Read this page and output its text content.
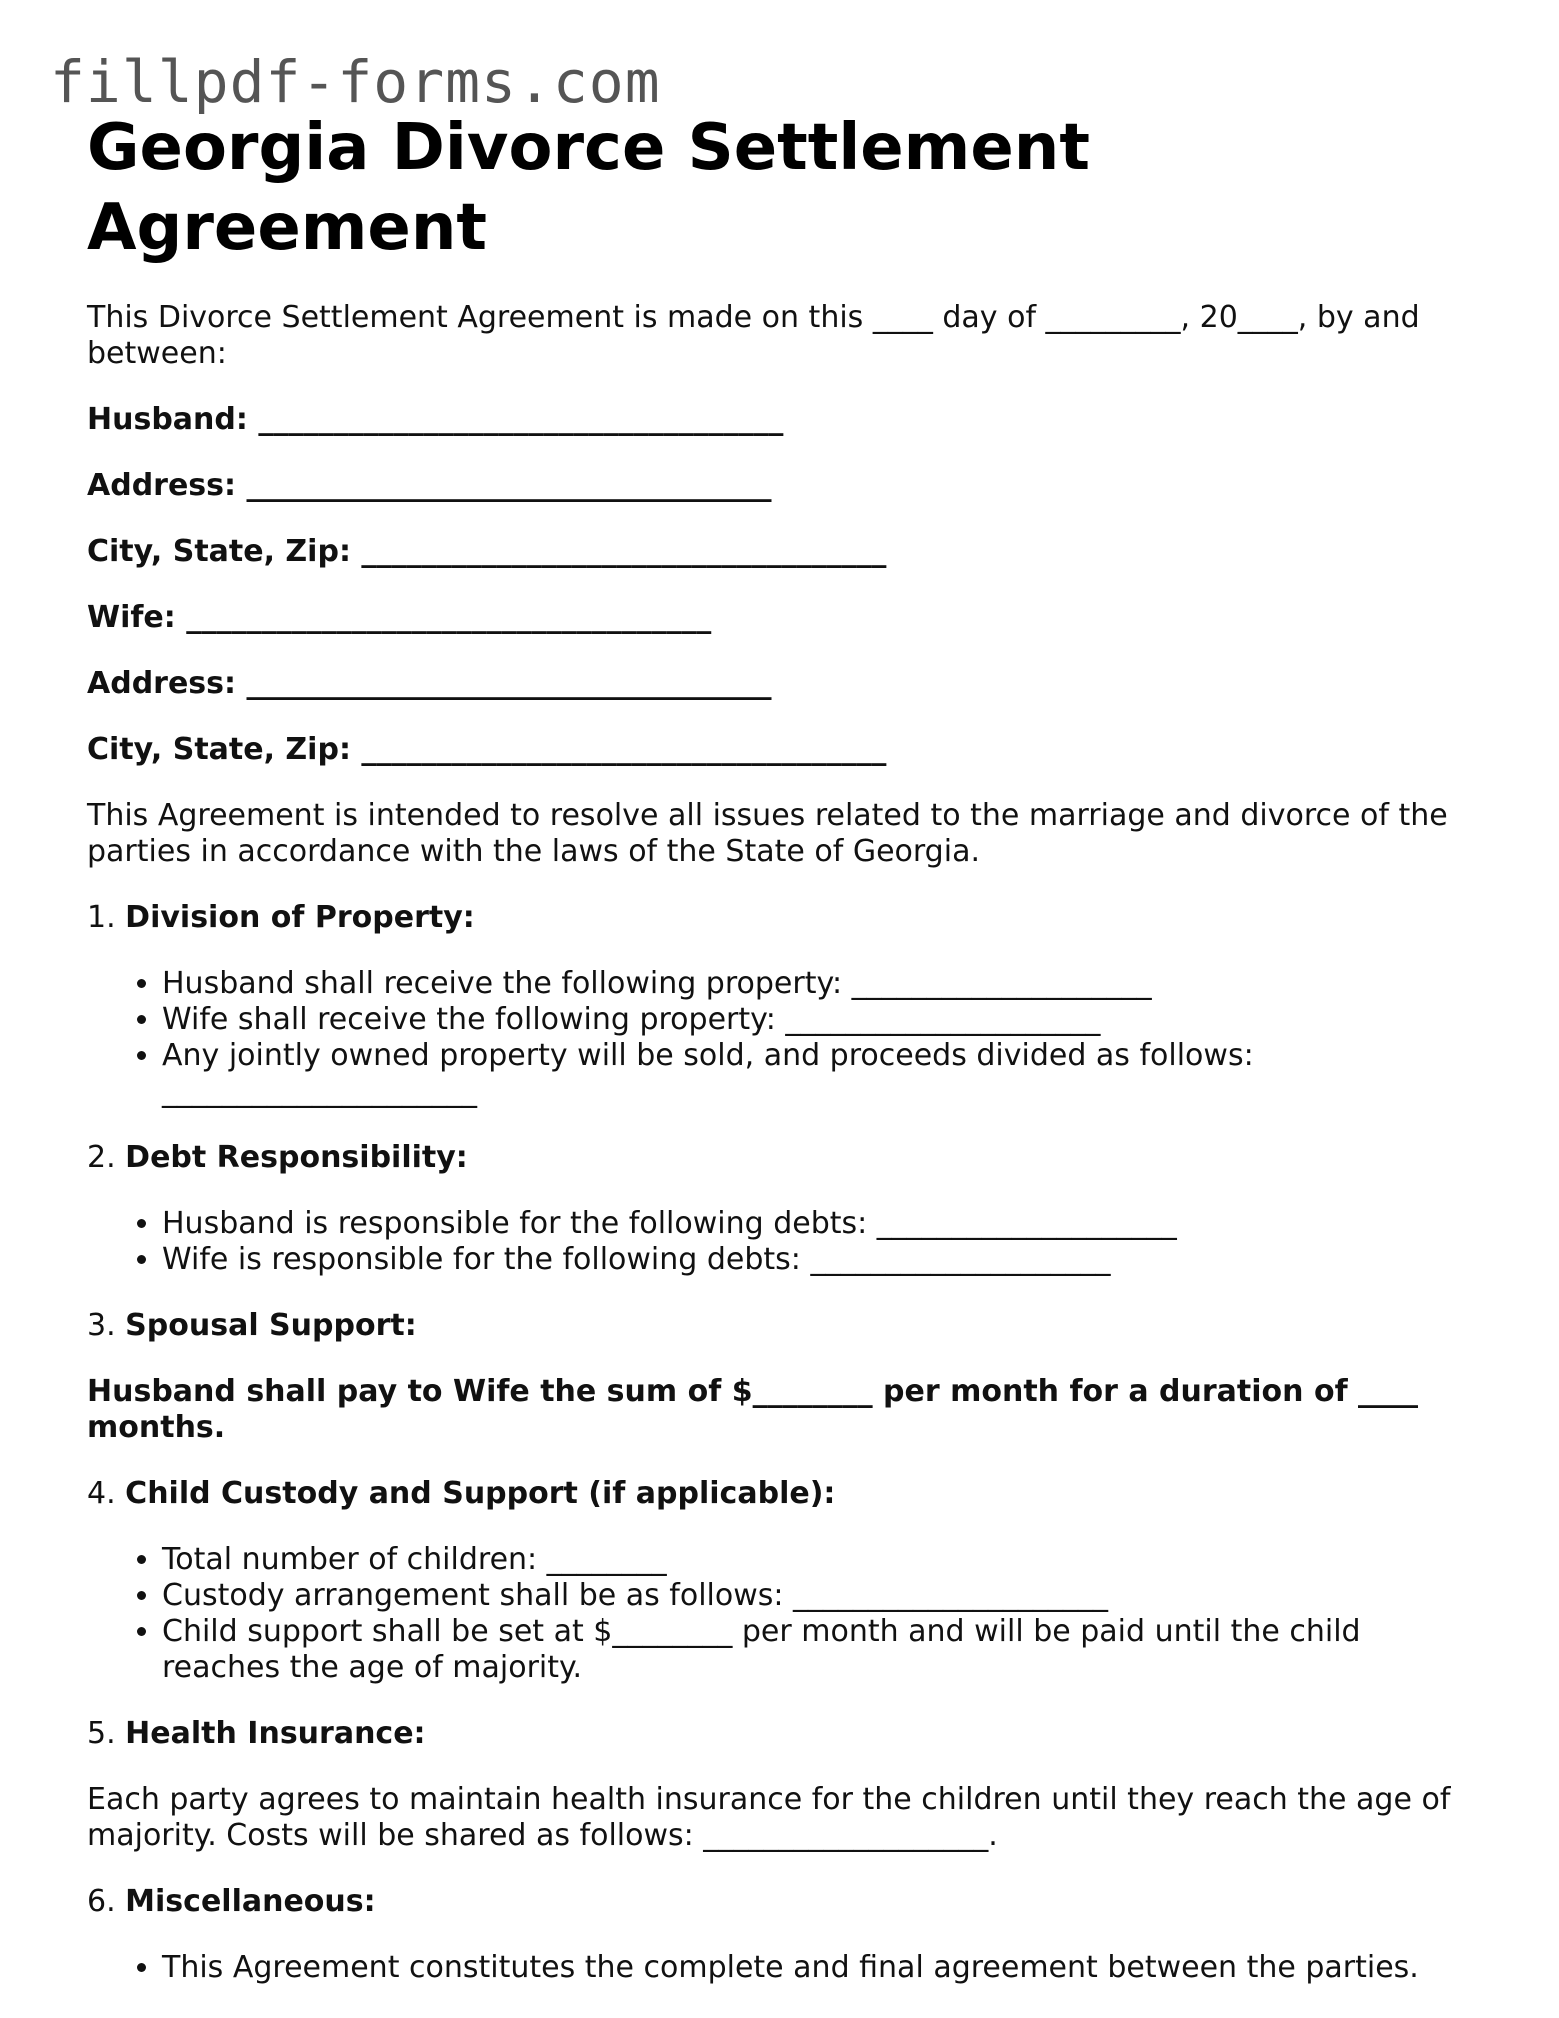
fillpdf-forms.com
Georgia Divorce Settlement Agreement

This Divorce Settlement Agreement is made on this ____ day of _________, 20____, by and between:

Husband: ___________________________________

Address: ___________________________________

City, State, Zip: ___________________________________

Wife: ___________________________________

Address: ___________________________________

City, State, Zip: ___________________________________

This Agreement is intended to resolve all issues related to the marriage and divorce of the parties in accordance with the laws of the State of Georgia.

1. Division of Property:

• Husband shall receive the following property: ____________________
• Wife shall receive the following property: _____________________
• Any jointly owned property will be sold, and proceeds divided as follows: _____________________

2. Debt Responsibility:

• Husband is responsible for the following debts: ____________________
• Wife is responsible for the following debts: ____________________

3. Spousal Support:

Husband shall pay to Wife the sum of $________ per month for a duration of ____ months.

4. Child Custody and Support (if applicable):

• Total number of children: ________
• Custody arrangement shall be as follows: _____________________
• Child support shall be set at $________ per month and will be paid until the child reaches the age of majority.

5. Health Insurance:

Each party agrees to maintain health insurance for the children until they reach the age of majority. Costs will be shared as follows: ___________________.

6. Miscellaneous:

• This Agreement constitutes the complete and final agreement between the parties.
